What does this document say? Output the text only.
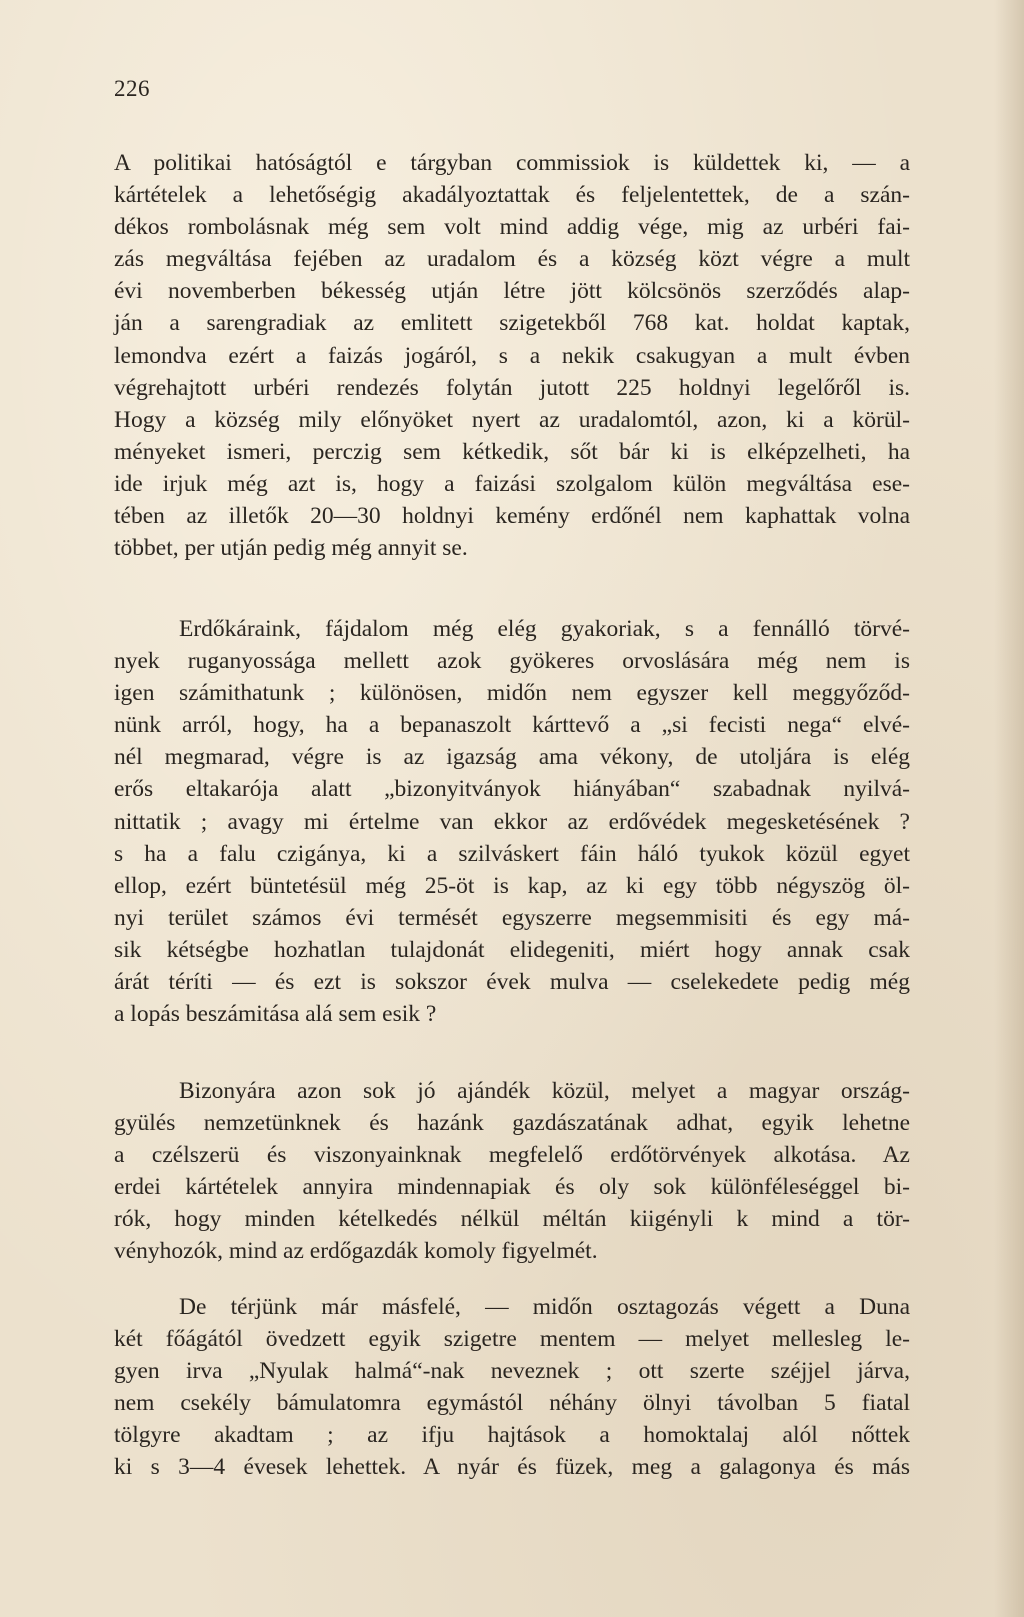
226
A politikai hatóságtól e tárgyban commissiok is küldettek ki, — a
kártételek a lehetőségig akadályoztattak és feljelentettek, de a szán-
dékos rombolásnak még sem volt mind addig vége, mig az urbéri fai-
zás megváltása fejében az uradalom és a község közt végre a mult
évi novemberben békesség utján létre jött kölcsönös szerződés alap-
ján a sarengradiak az emlitett szigetekből 768 kat. holdat kaptak,
lemondva ezért a faizás jogáról, s a nekik csakugyan a mult évben
végrehajtott urbéri rendezés folytán jutott 225 holdnyi legelőről is.
Hogy a község mily előnyöket nyert az uradalomtól, azon, ki a körül-
ményeket ismeri, perczig sem kétkedik, sőt bár ki is elképzelheti, ha
ide irjuk még azt is, hogy a faizási szolgalom külön megváltása ese-
tében az illetők 20—30 holdnyi kemény erdőnél nem kaphattak volna
többet, per utján pedig még annyit se.
Erdőkáraink, fájdalom még elég gyakoriak, s a fennálló törvé-
nyek ruganyossága mellett azok gyökeres orvoslására még nem is
igen számithatunk ; különösen, midőn nem egyszer kell meggyőződ-
nünk arról, hogy, ha a bepanaszolt kárttevő a „si fecisti nega“ elvé-
nél megmarad, végre is az igazság ama vékony, de utoljára is elég
erős eltakarója alatt „bizonyitványok hiányában“ szabadnak nyilvá-
nittatik ; avagy mi értelme van ekkor az erdővédek megesketésének ?
s ha a falu czigánya, ki a szilváskert fáin háló tyukok közül egyet
ellop, ezért büntetésül még 25-öt is kap, az ki egy több négyszög öl-
nyi terület számos évi termését egyszerre megsemmisiti és egy má-
sik kétségbe hozhatlan tulajdonát elidegeniti, miért hogy annak csak
árát téríti — és ezt is sokszor évek mulva — cselekedete pedig még
a lopás beszámitása alá sem esik ?
Bizonyára azon sok jó ajándék közül, melyet a magyar ország-
gyülés nemzetünknek és hazánk gazdászatának adhat, egyik lehetne
a czélszerü és viszonyainknak megfelelő erdőtörvények alkotása. Az
erdei kártételek annyira mindennapiak és oly sok különféleséggel bi-
rók, hogy minden kételkedés nélkül méltán kiigényli k mind a tör-
vényhozók, mind az erdőgazdák komoly figyelmét.
De térjünk már másfelé, — midőn osztagozás végett a Duna
két főágától övedzett egyik szigetre mentem — melyet mellesleg le-
gyen irva „Nyulak halmá“-nak neveznek ; ott szerte széjjel járva,
nem csekély bámulatomra egymástól néhány ölnyi távolban 5 fiatal
tölgyre akadtam ; az ifju hajtások a homoktalaj alól nőttek
ki s 3—4 évesek lehettek. A nyár és füzek, meg a galagonya és más
